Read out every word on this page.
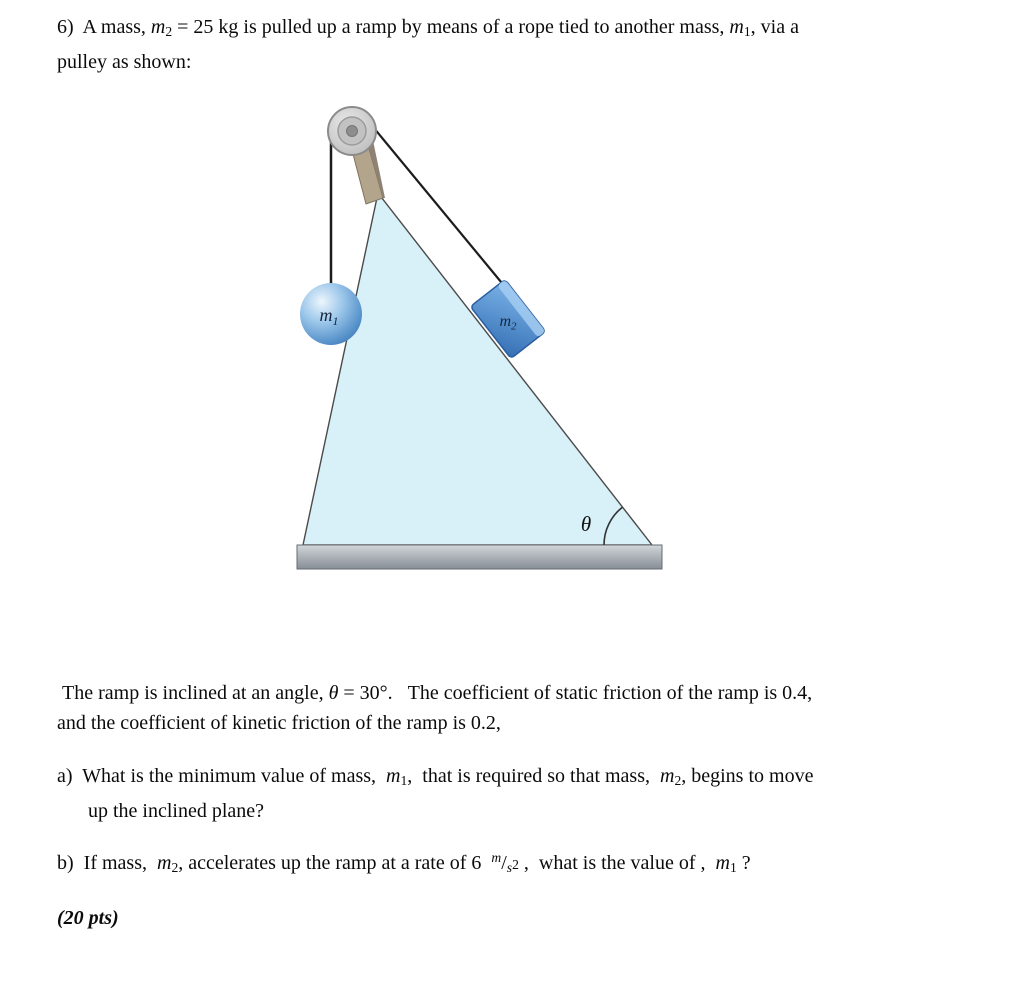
6)  A mass, $m_2 = 25$ kg is pulled up a ramp by means of a rope tied to another mass, $m_1$, via a
pulley as shown:

$m_1$	$m_2$
θ

The ramp is inclined at an angle, θ = 30°.   The coefficient of static friction of the ramp is 0.4,
and the coefficient of kinetic friction of the ramp is 0.2,

a)  What is the minimum value of mass,  $m_1$,  that is required so that mass,  $m_2$, begins to move
up the inclined plane?

b)  If mass,  $m_2$, accelerates up the ramp at a rate of 6  $^m/_s2$ ,  what is the value of ,  $m_1$ ?

(20 pts)
